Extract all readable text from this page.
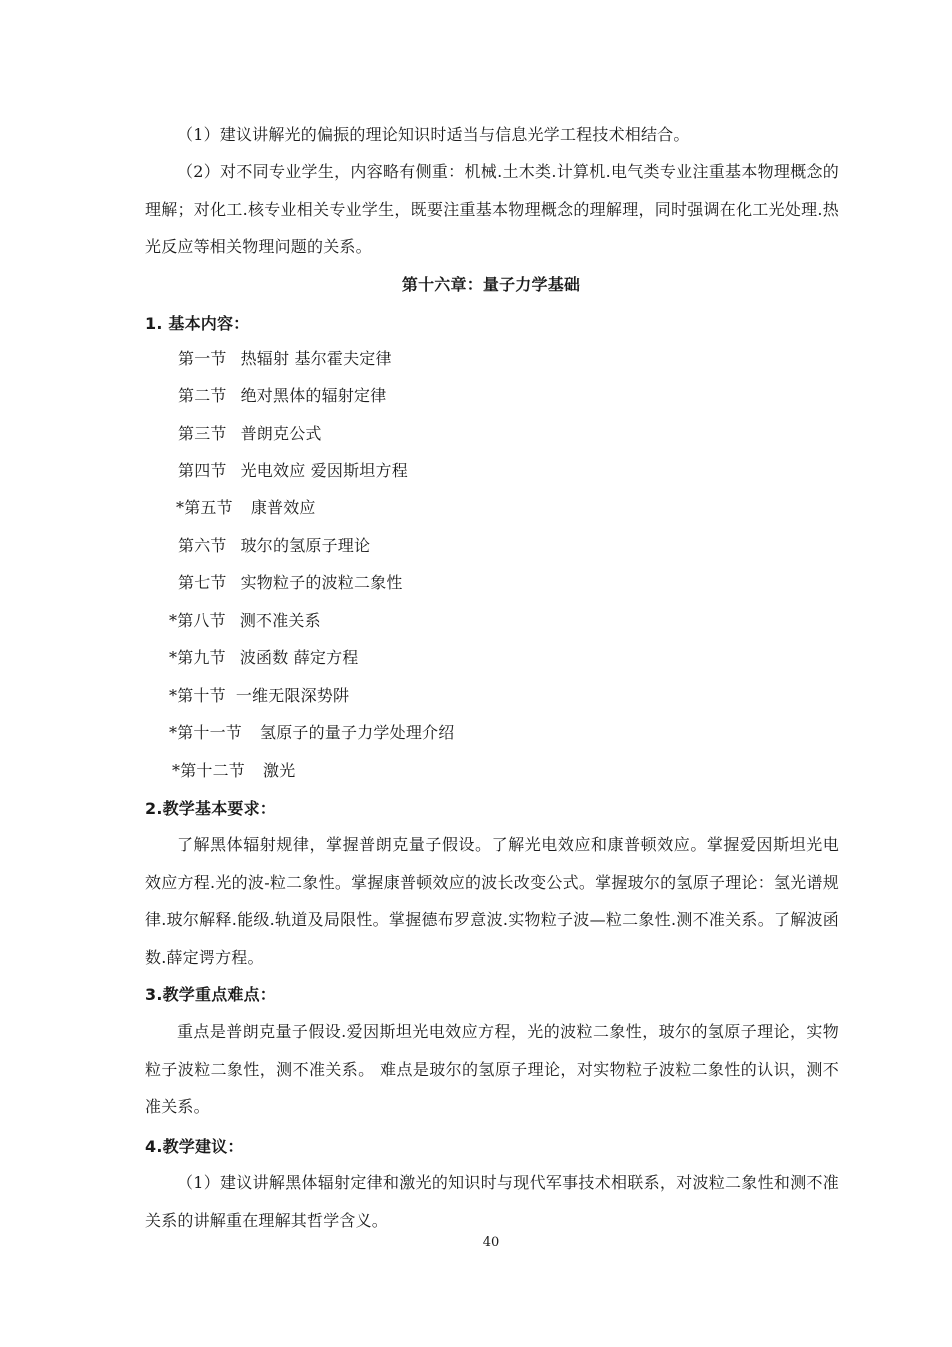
（1）建议讲解光的偏振的理论知识时适当与信息光学工程技术相结合。
（2）对不同专业学生，内容略有侧重：机械.土木类.计算机.电气类专业注重基本物理概念的理解；对化工.核专业相关专业学生，既要注重基本物理概念的理解理，同时强调在化工光处理.热光反应等相关物理问题的关系。
第十六章：量子力学基础
1. 基本内容：
第一节 热辐射 基尔霍夫定律
第二节 绝对黑体的辐射定律
第三节 普朗克公式
第四节 光电效应 爱因斯坦方程
*第五节 康普效应
第六节 玻尔的氢原子理论
第七节 实物粒子的波粒二象性
*第八节 测不准关系
*第九节 波函数 薛定方程
*第十节 一维无限深势阱
*第十一节 氢原子的量子力学处理介绍
*第十二节 激光
2.教学基本要求：
了解黑体辐射规律，掌握普朗克量子假设。了解光电效应和康普顿效应。掌握爱因斯坦光电效应方程.光的波-粒二象性。掌握康普顿效应的波长改变公式。掌握玻尔的氢原子理论：氢光谱规律.玻尔解释.能级.轨道及局限性。掌握德布罗意波.实物粒子波—粒二象性.测不准关系。了解波函数.薛定谔方程。
3.教学重点难点：
重点是普朗克量子假设.爱因斯坦光电效应方程，光的波粒二象性，玻尔的氢原子理论，实物粒子波粒二象性，测不准关系。 难点是玻尔的氢原子理论，对实物粒子波粒二象性的认识，测不准关系。
4.教学建议：
（1）建议讲解黑体辐射定律和激光的知识时与现代军事技术相联系，对波粒二象性和测不准关系的讲解重在理解其哲学含义。
40
